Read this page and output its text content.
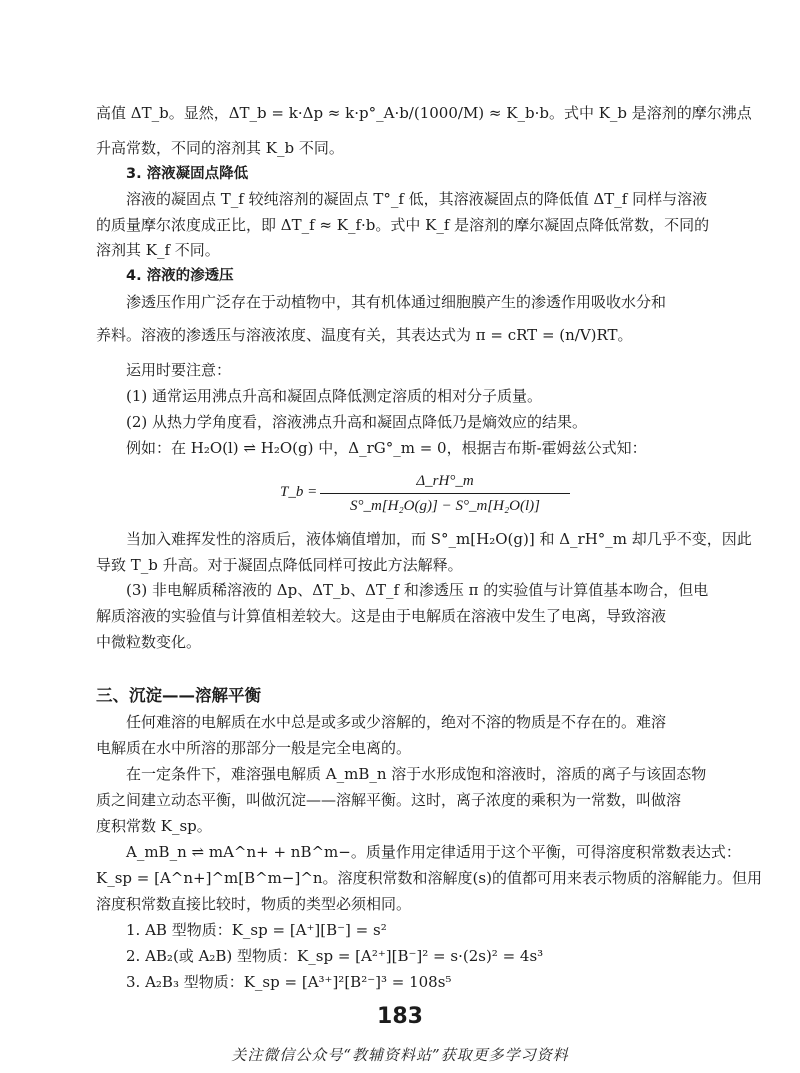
高值 ΔT_b。显然，ΔT_b = k·Δp ≈ k·p°_A·b/(1000/M) ≈ K_b·b。式中 K_b 是溶剂的摩尔沸点

升高常数，不同的溶剂其 K_b 不同。

3. 溶液凝固点降低

溶液的凝固点 T_f 较纯溶剂的凝固点 T°_f 低，其溶液凝固点的降低值 ΔT_f 同样与溶液

的质量摩尔浓度成正比，即 ΔT_f ≈ K_f·b。式中 K_f 是溶剂的摩尔凝固点降低常数，不同的

溶剂其 K_f 不同。

4. 溶液的渗透压

渗透压作用广泛存在于动植物中，其有机体通过细胞膜产生的渗透作用吸收水分和

养料。溶液的渗透压与溶液浓度、温度有关，其表达式为 π = cRT = (n/V)RT。

运用时要注意：

(1) 通常运用沸点升高和凝固点降低测定溶质的相对分子质量。

(2) 从热力学角度看，溶液沸点升高和凝固点降低乃是熵效应的结果。

例如：在 H₂O(l) ⇌ H₂O(g) 中，Δ_rG°_m = 0，根据吉布斯-霍姆兹公式知：

T_b =
Δ_rH°_m
S°_m[H₂O(g)] − S°_m[H₂O(l)]

当加入难挥发性的溶质后，液体熵值增加，而 S°_m[H₂O(g)] 和 Δ_rH°_m 却几乎不变，因此

导致 T_b 升高。对于凝固点降低同样可按此方法解释。

(3) 非电解质稀溶液的 Δp、ΔT_b、ΔT_f 和渗透压 π 的实验值与计算值基本吻合，但电

解质溶液的实验值与计算值相差较大。这是由于电解质在溶液中发生了电离，导致溶液

中微粒数变化。

三、沉淀——溶解平衡

任何难溶的电解质在水中总是或多或少溶解的，绝对不溶的物质是不存在的。难溶

电解质在水中所溶的那部分一般是完全电离的。

在一定条件下，难溶强电解质 A_mB_n 溶于水形成饱和溶液时，溶质的离子与该固态物

质之间建立动态平衡，叫做沉淀——溶解平衡。这时，离子浓度的乘积为一常数，叫做溶

度积常数 K_sp。

A_mB_n ⇌ mA^n+ + nB^m−。质量作用定律适用于这个平衡，可得溶度积常数表达式：

K_sp = [A^n+]^m[B^m−]^n。溶度积常数和溶解度(s)的值都可用来表示物质的溶解能力。但用

溶度积常数直接比较时，物质的类型必须相同。

1. AB 型物质：K_sp = [A⁺][B⁻] = s²

2. AB₂(或 A₂B) 型物质：K_sp = [A²⁺][B⁻]² = s·(2s)² = 4s³

3. A₂B₃ 型物质：K_sp = [A³⁺]²[B²⁻]³ = 108s⁵

183
关注微信公众号“教辅资料站”获取更多学习资料
